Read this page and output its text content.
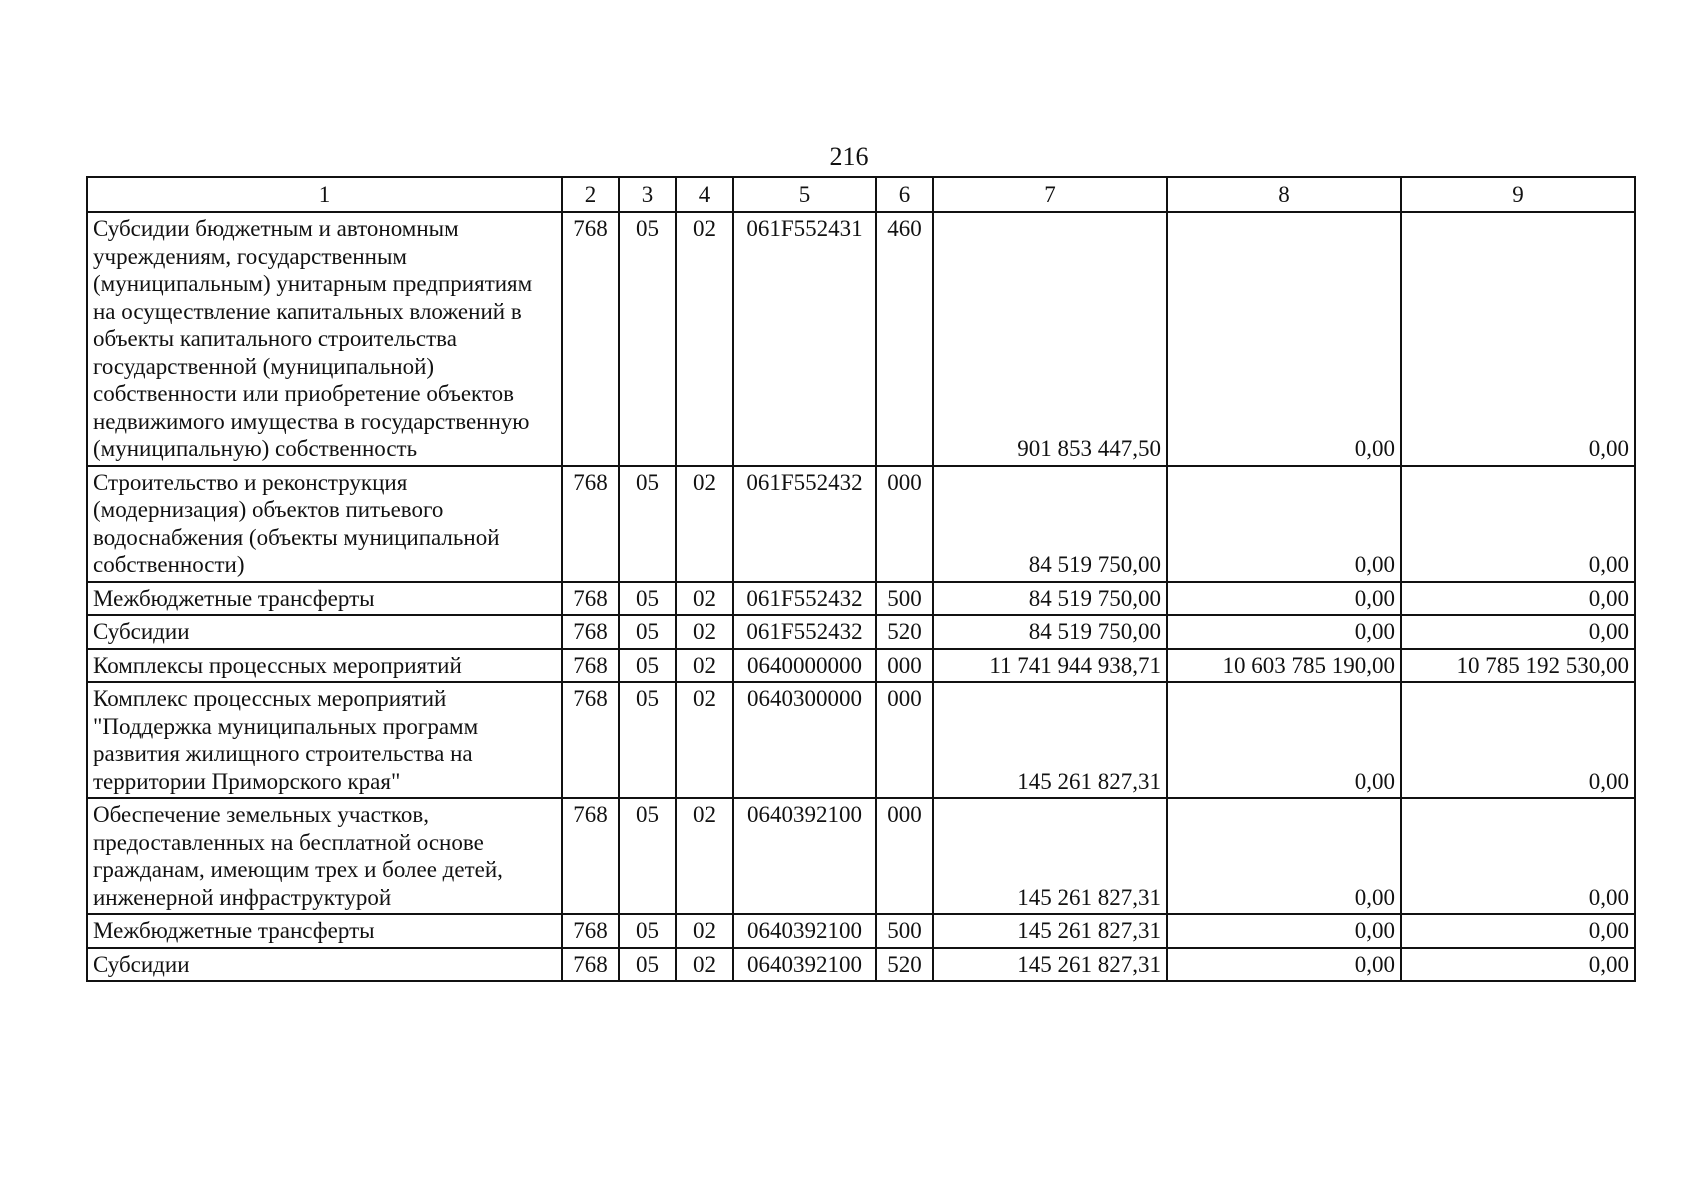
216
1	2	3	4	5	6	7	8	9
Субсидии бюджетным и автономным учреждениям, государственным (муниципальным) унитарным предприятиям на осуществление капитальных вложений в объекты капитального строительства государственной (муниципальной) собственности или приобретение объектов недвижимого имущества в государственную (муниципальную) собственность	768	05	02	061F552431	460	901 853 447,50	0,00	0,00
Строительство и реконструкция (модернизация) объектов питьевого водоснабжения (объекты муниципальной собственности)	768	05	02	061F552432	000	84 519 750,00	0,00	0,00
Межбюджетные трансферты	768	05	02	061F552432	500	84 519 750,00	0,00	0,00
Субсидии	768	05	02	061F552432	520	84 519 750,00	0,00	0,00
Комплексы процессных мероприятий	768	05	02	0640000000	000	11 741 944 938,71	10 603 785 190,00	10 785 192 530,00
Комплекс процессных мероприятий "Поддержка муниципальных программ развития жилищного строительства на территории Приморского края"	768	05	02	0640300000	000	145 261 827,31	0,00	0,00
Обеспечение земельных участков, предоставленных на бесплатной основе гражданам, имеющим трех и более детей, инженерной инфраструктурой	768	05	02	0640392100	000	145 261 827,31	0,00	0,00
Межбюджетные трансферты	768	05	02	0640392100	500	145 261 827,31	0,00	0,00
Субсидии	768	05	02	0640392100	520	145 261 827,31	0,00	0,00
